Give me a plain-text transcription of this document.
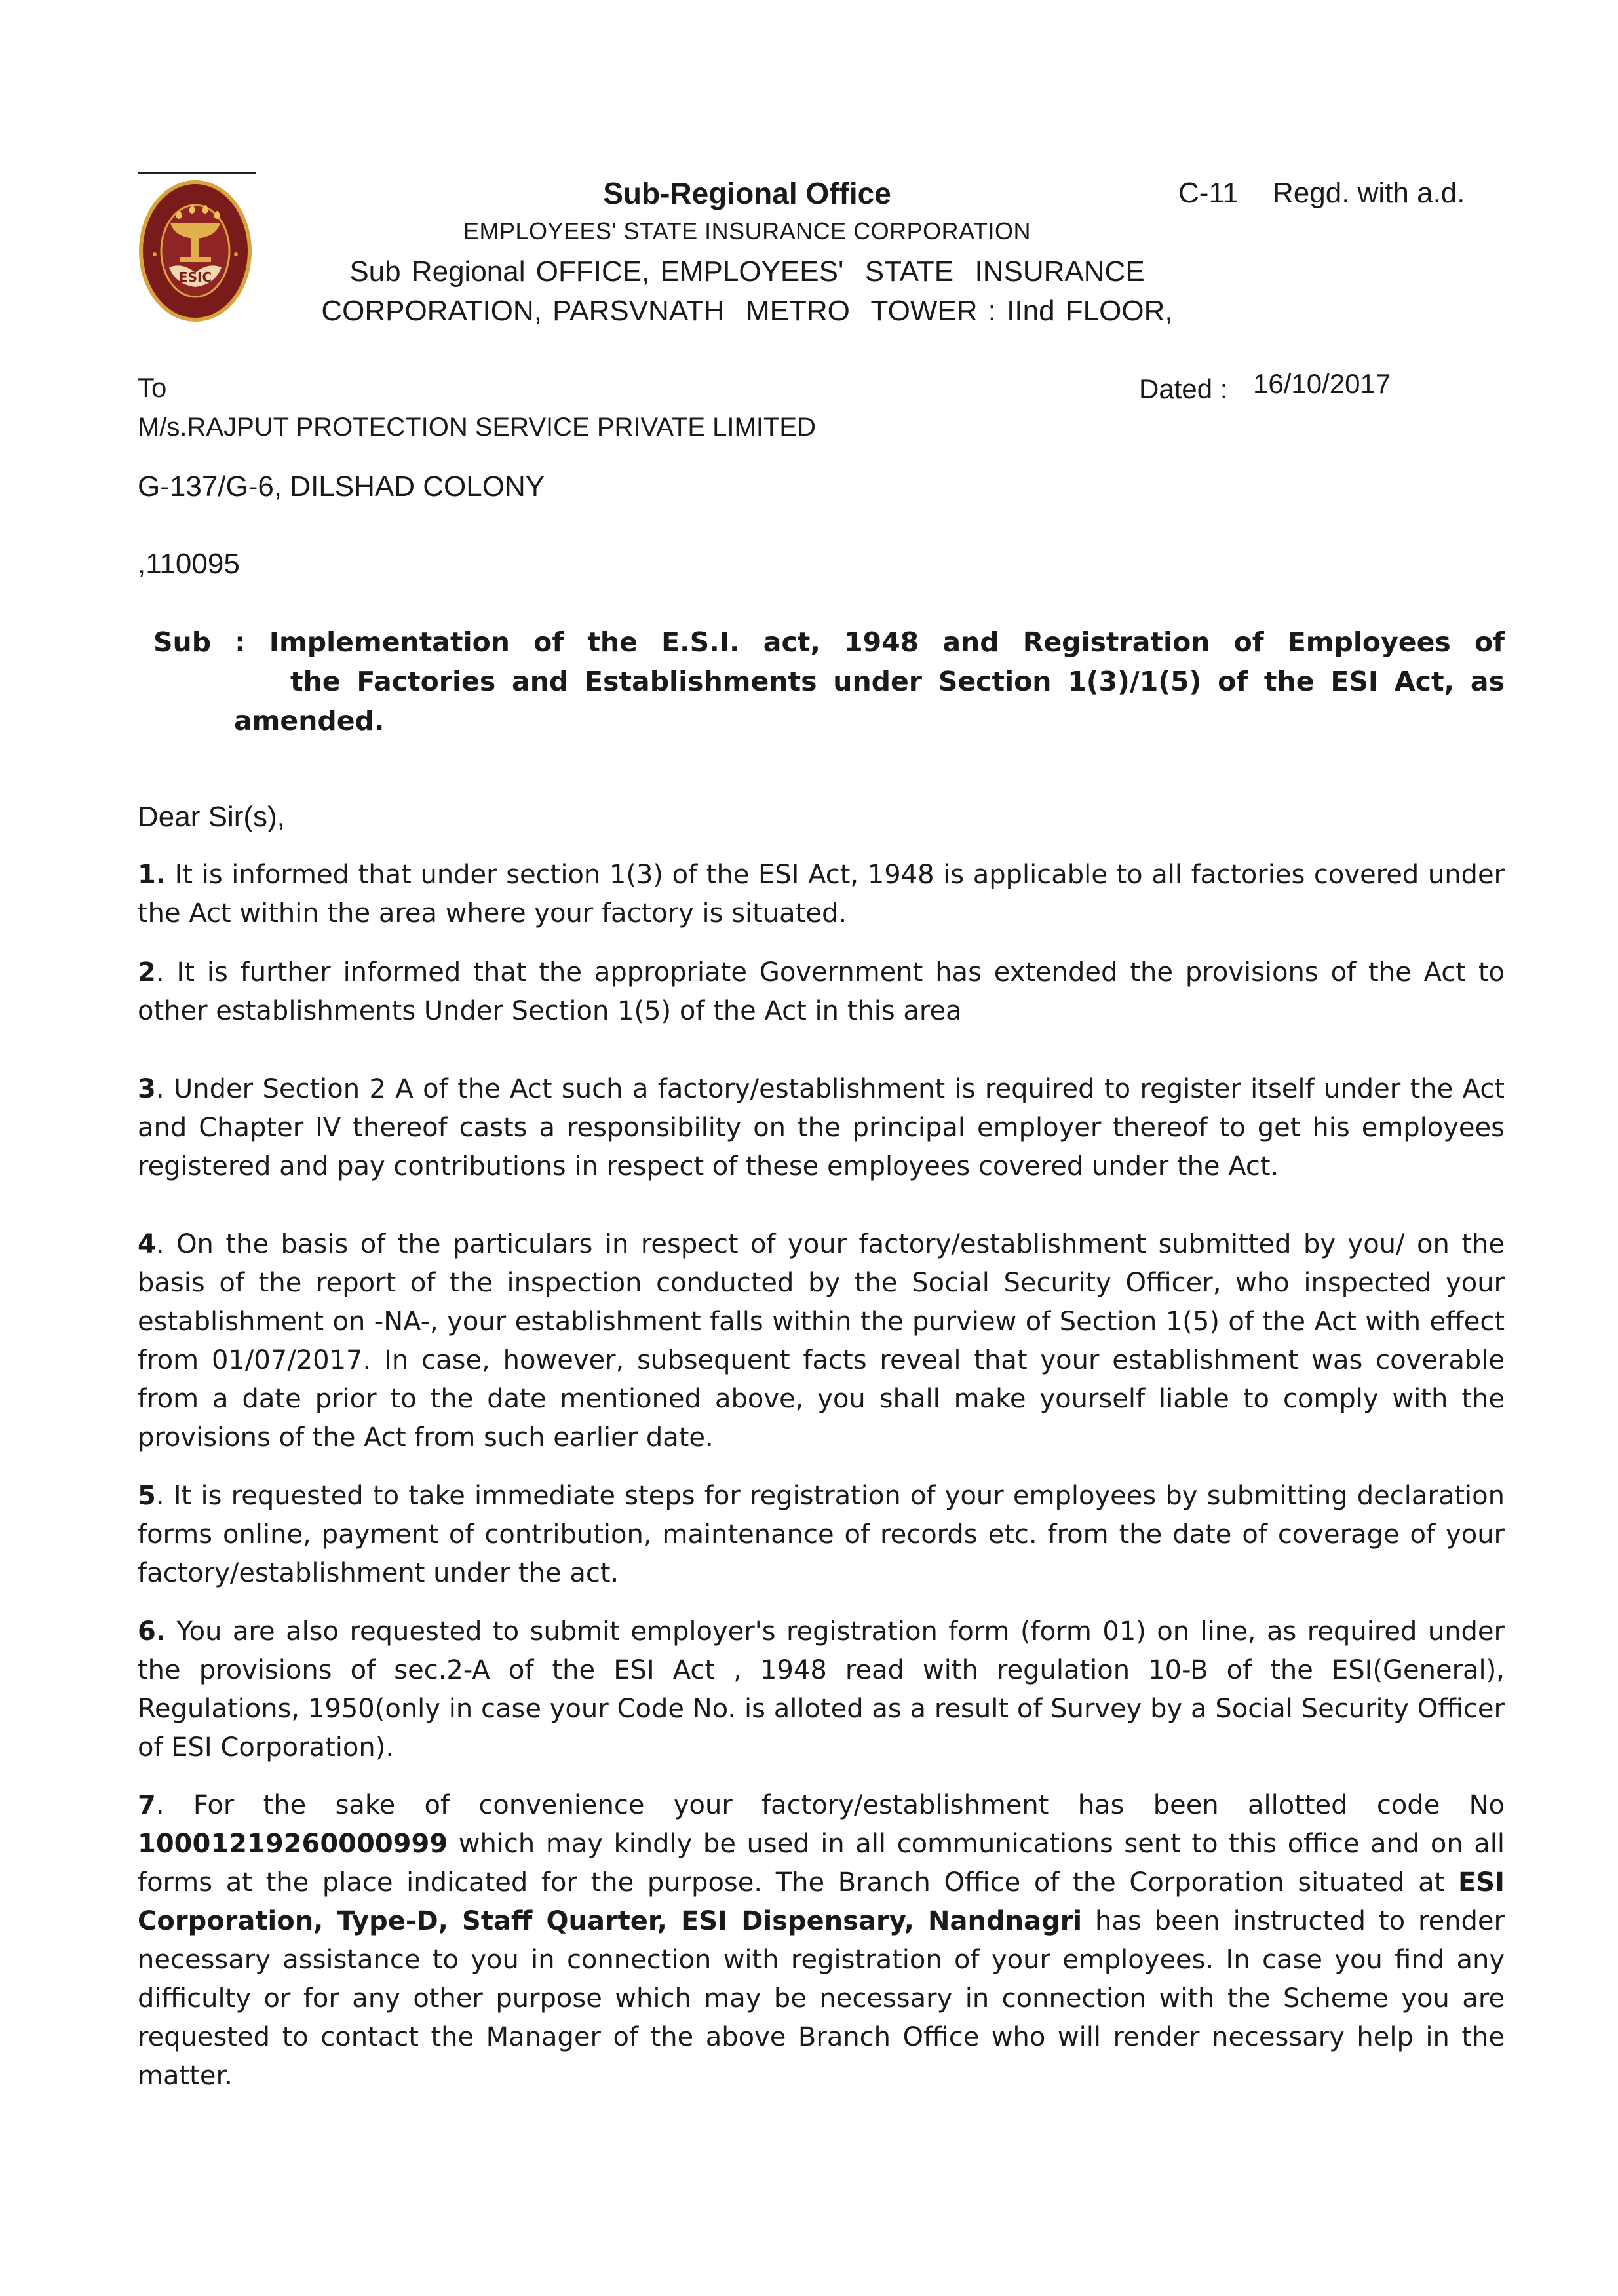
ESIC
Sub-Regional Office	C-11 Regd. with a.d.
EMPLOYEES' STATE INSURANCE CORPORATION
Sub Regional OFFICE, EMPLOYEES'  STATE  INSURANCE
CORPORATION, PARSVNATH  METRO  TOWER : IInd FLOOR,
To	Dated : 16/10/2017
M/s.RAJPUT PROTECTION SERVICE PRIVATE LIMITED
G-137/G-6, DILSHAD COLONY
,110095
Sub : Implementation of the E.S.I. act, 1948 and Registration of Employees of
the Factories and Establishments under Section 1(3)/1(5) of the ESI Act, as
amended.
Dear Sir(s),
1. It is informed that under section 1(3) of the ESI Act, 1948 is applicable to all factories covered under the Act within the area where your factory is situated.
2. It is further informed that the appropriate Government has extended the provisions of the Act to other establishments Under Section 1(5) of the Act in this area
3. Under Section 2 A of the Act such a factory/establishment is required to register itself under the Act and Chapter IV thereof casts a responsibility on the principal employer thereof to get his employees registered and pay contributions in respect of these employees covered under the Act.
4. On the basis of the particulars in respect of your factory/establishment submitted by you/ on the basis of the report of the inspection conducted by the Social Security Officer, who inspected your establishment on -NA-, your establishment falls within the purview of Section 1(5) of the Act with effect from 01/07/2017. In case, however, subsequent facts reveal that your establishment was coverable from a date prior to the date mentioned above, you shall make yourself liable to comply with the provisions of the Act from such earlier date.
5. It is requested to take immediate steps for registration of your employees by submitting declaration forms online, payment of contribution, maintenance of records etc. from the date of coverage of your factory/establishment under the act.
6. You are also requested to submit employer's registration form (form 01) on line, as required under the provisions of sec.2-A of the ESI Act , 1948 read with regulation 10-B of the ESI(General), Regulations, 1950(only in case your Code No. is alloted as a result of Survey by a Social Security Officer of ESI Corporation).
7. For the sake of convenience your factory/establishment has been allotted code No 10001219260000999 which may kindly be used in all communications sent to this office and on all forms at the place indicated for the purpose. The Branch Office of the Corporation situated at ESI Corporation, Type-D, Staff Quarter, ESI Dispensary, Nandnagri has been instructed to render necessary assistance to you in connection with registration of your employees. In case you find any difficulty or for any other purpose which may be necessary in connection with the Scheme you are requested to contact the Manager of the above Branch Office who will render necessary help in the matter.
